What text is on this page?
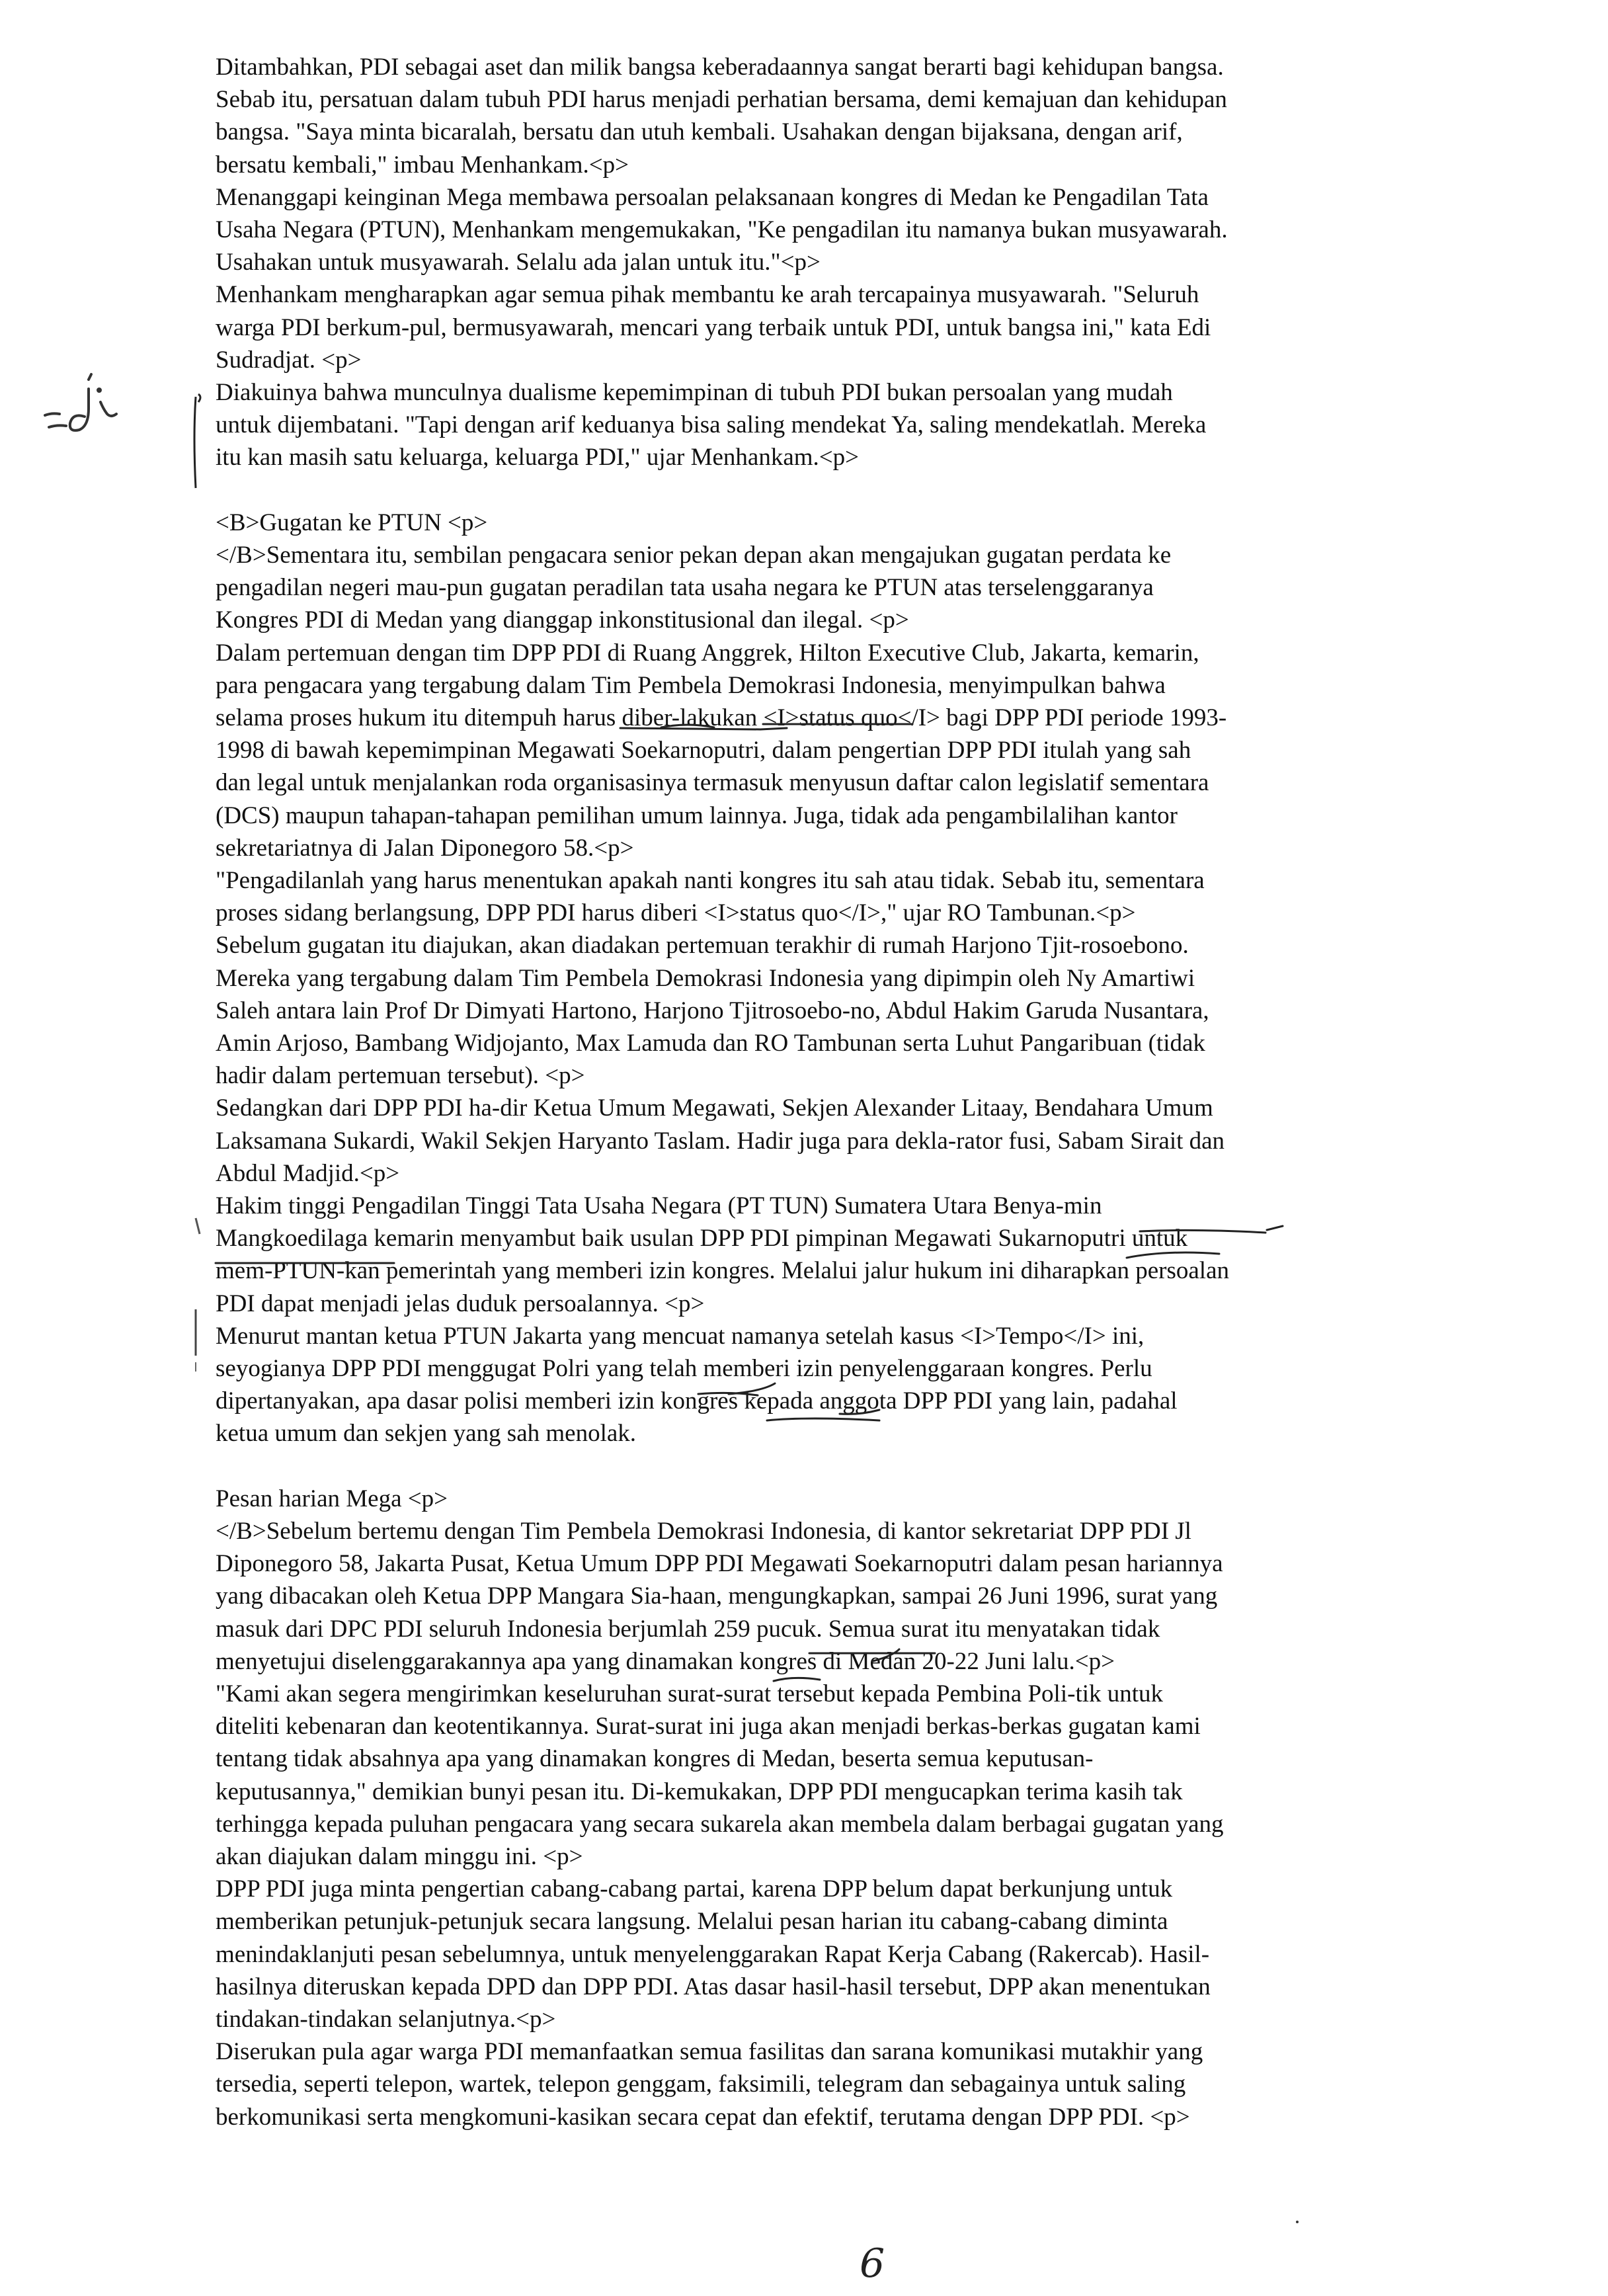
Ditambahkan, PDI sebagai aset dan milik bangsa keberadaannya sangat berarti bagi kehidupan bangsa.

Sebab itu, persatuan dalam tubuh PDI harus menjadi perhatian bersama, demi kemajuan dan kehidupan

bangsa. "Saya minta bicaralah, bersatu dan utuh kembali. Usahakan dengan bijaksana, dengan arif,

bersatu kembali," imbau Menhankam.<p>

Menanggapi keinginan Mega membawa persoalan pelaksanaan kongres di Medan ke Pengadilan Tata

Usaha Negara (PTUN), Menhankam mengemukakan, "Ke pengadilan itu namanya bukan musyawarah.

Usahakan untuk musyawarah. Selalu ada jalan untuk itu."<p>

Menhankam mengharapkan agar semua pihak membantu ke arah tercapainya musyawarah. "Seluruh

warga PDI berkum-pul, bermusyawarah, mencari yang terbaik untuk PDI, untuk bangsa ini," kata Edi

Sudradjat. <p>

Diakuinya bahwa munculnya dualisme kepemimpinan di tubuh PDI bukan persoalan yang mudah

untuk dijembatani. "Tapi dengan arif keduanya bisa saling mendekat Ya, saling mendekatlah. Mereka

itu kan masih satu keluarga, keluarga PDI," ujar Menhankam.<p>

<B>Gugatan ke PTUN <p>

</B>Sementara itu, sembilan pengacara senior pekan depan akan mengajukan gugatan perdata ke

pengadilan negeri mau-pun gugatan peradilan tata usaha negara ke PTUN atas terselenggaranya

Kongres PDI di Medan yang dianggap inkonstitusional dan ilegal. <p>

Dalam pertemuan dengan tim DPP PDI di Ruang Anggrek, Hilton Executive Club, Jakarta, kemarin,

para pengacara yang tergabung dalam Tim Pembela Demokrasi Indonesia, menyimpulkan bahwa

selama proses hukum itu ditempuh harus diber-lakukan <I>status quo</I> bagi DPP PDI periode 1993-

1998 di bawah kepemimpinan Megawati Soekarnoputri, dalam pengertian DPP PDI itulah yang sah

dan legal untuk menjalankan roda organisasinya termasuk menyusun daftar calon legislatif sementara

(DCS) maupun tahapan-tahapan pemilihan umum lainnya. Juga, tidak ada pengambilalihan kantor

sekretariatnya di Jalan Diponegoro 58.<p>

"Pengadilanlah yang harus menentukan apakah nanti kongres itu sah atau tidak. Sebab itu, sementara

proses sidang berlangsung, DPP PDI harus diberi <I>status quo</I>," ujar RO Tambunan.<p>

Sebelum gugatan itu diajukan, akan diadakan pertemuan terakhir di rumah Harjono Tjit-rosoebono.

Mereka yang tergabung dalam Tim Pembela Demokrasi Indonesia yang dipimpin oleh Ny Amartiwi

Saleh antara lain Prof Dr Dimyati Hartono, Harjono Tjitrosoebo-no, Abdul Hakim Garuda Nusantara,

Amin Arjoso, Bambang Widjojanto, Max Lamuda dan RO Tambunan serta Luhut Pangaribuan (tidak

hadir dalam pertemuan tersebut). <p>

Sedangkan dari DPP PDI ha-dir Ketua Umum Megawati, Sekjen Alexander Litaay, Bendahara Umum

Laksamana Sukardi, Wakil Sekjen Haryanto Taslam. Hadir juga para dekla-rator fusi, Sabam Sirait dan

Abdul Madjid.<p>

Hakim tinggi Pengadilan Tinggi Tata Usaha Negara (PT TUN) Sumatera Utara Benya-min

Mangkoedilaga kemarin menyambut baik usulan DPP PDI pimpinan Megawati Sukarnoputri untuk

mem-PTUN-kan pemerintah yang memberi izin kongres. Melalui jalur hukum ini diharapkan persoalan

PDI dapat menjadi jelas duduk persoalannya. <p>

Menurut mantan ketua PTUN Jakarta yang mencuat namanya setelah kasus <I>Tempo</I> ini,

seyogianya DPP PDI menggugat Polri yang telah memberi izin penyelenggaraan kongres. Perlu

dipertanyakan, apa dasar polisi memberi izin kongres kepada anggota DPP PDI yang lain, padahal

ketua umum dan sekjen yang sah menolak.

Pesan harian Mega <p>

</B>Sebelum bertemu dengan Tim Pembela Demokrasi Indonesia, di kantor sekretariat DPP PDI Jl

Diponegoro 58, Jakarta Pusat, Ketua Umum DPP PDI Megawati Soekarnoputri dalam pesan hariannya

yang dibacakan oleh Ketua DPP Mangara Sia-haan, mengungkapkan, sampai 26 Juni 1996, surat yang

masuk dari DPC PDI seluruh Indonesia berjumlah 259 pucuk. Semua surat itu menyatakan tidak

menyetujui diselenggarakannya apa yang dinamakan kongres di Medan 20-22 Juni lalu.<p>

"Kami akan segera mengirimkan keseluruhan surat-surat tersebut kepada Pembina Poli-tik untuk

diteliti kebenaran dan keotentikannya. Surat-surat ini juga akan menjadi berkas-berkas gugatan kami

tentang tidak absahnya apa yang dinamakan kongres di Medan, beserta semua keputusan-

keputusannya," demikian bunyi pesan itu. Di-kemukakan, DPP PDI mengucapkan terima kasih tak

terhingga kepada puluhan pengacara yang secara sukarela akan membela dalam berbagai gugatan yang

akan diajukan dalam minggu ini. <p>

DPP PDI juga minta pengertian cabang-cabang partai, karena DPP belum dapat berkunjung untuk

memberikan petunjuk-petunjuk secara langsung. Melalui pesan harian itu cabang-cabang diminta

menindaklanjuti pesan sebelumnya, untuk menyelenggarakan Rapat Kerja Cabang (Rakercab). Hasil-

hasilnya diteruskan kepada DPD dan DPP PDI. Atas dasar hasil-hasil tersebut, DPP akan menentukan

tindakan-tindakan selanjutnya.<p>

Diserukan pula agar warga PDI memanfaatkan semua fasilitas dan sarana komunikasi mutakhir yang

tersedia, seperti telepon, wartek, telepon genggam, faksimili, telegram dan sebagainya untuk saling

berkomunikasi serta mengkomuni-kasikan secara cepat dan efektif, terutama dengan DPP PDI. <p>

6
